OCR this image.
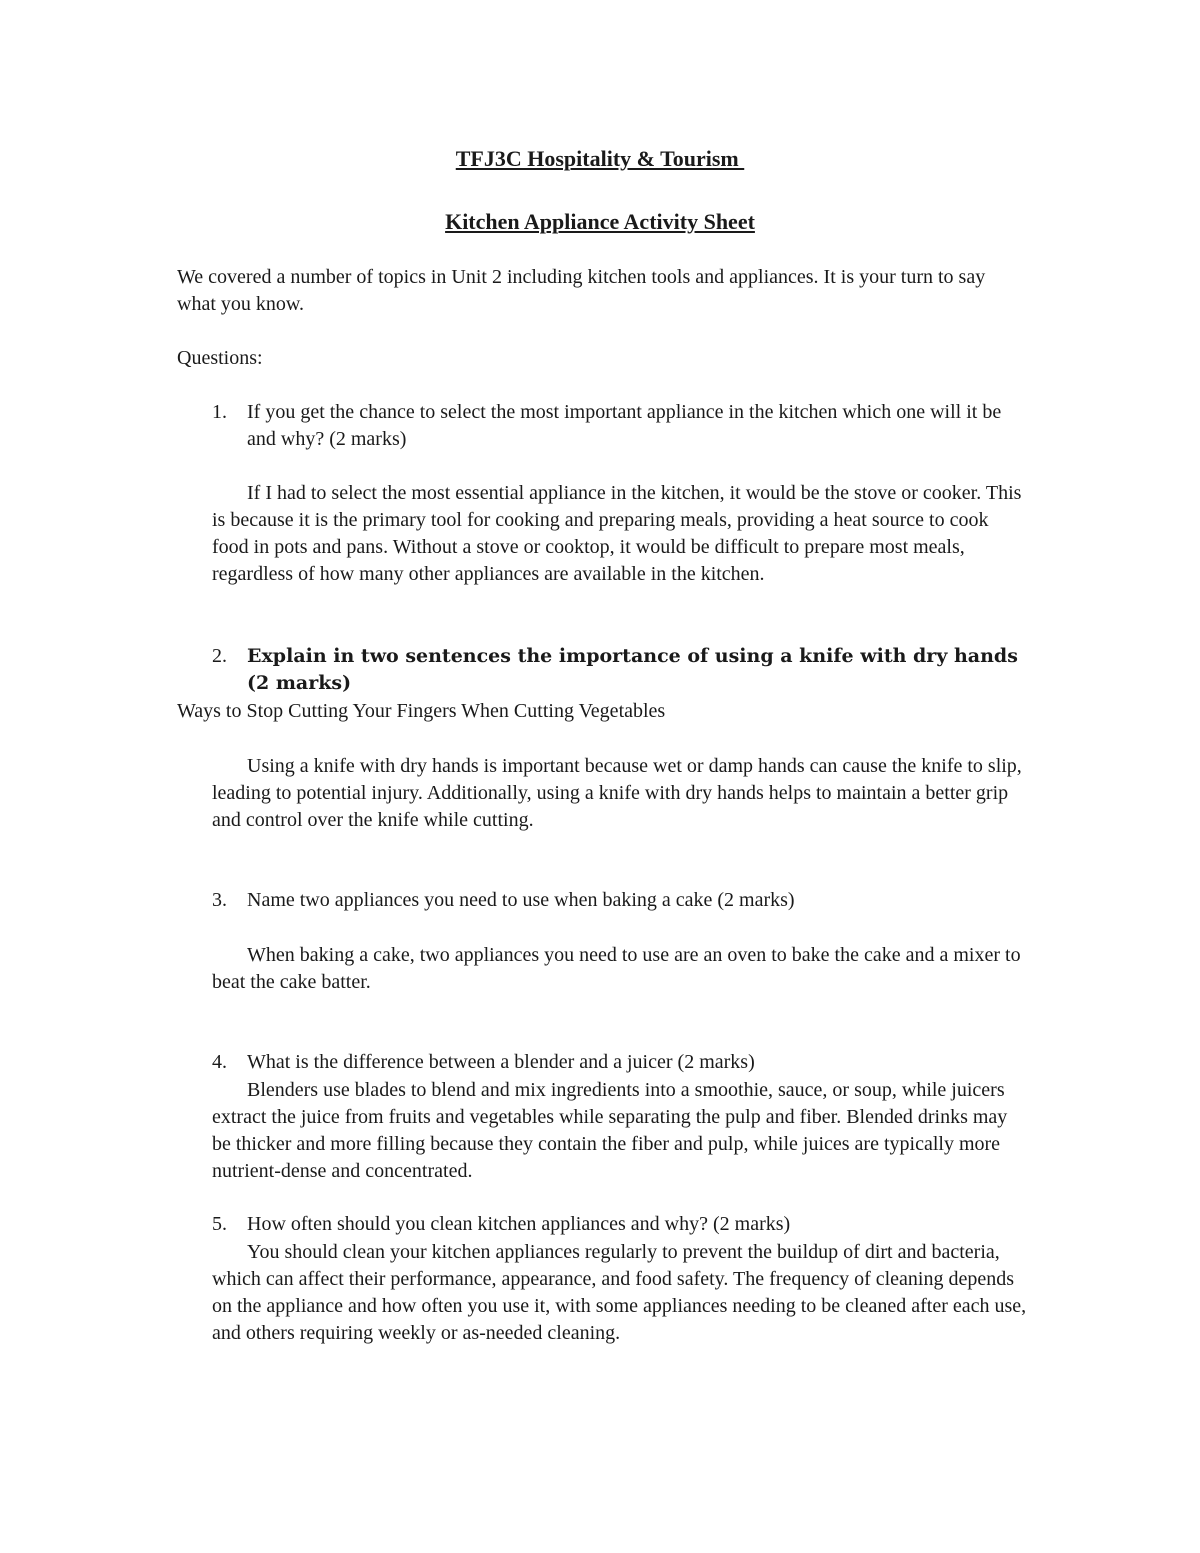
TFJ3C Hospitality & Tourism
Kitchen Appliance Activity Sheet
We covered a number of topics in Unit 2 including kitchen tools and appliances. It is your turn to say what you know.
Questions:
1. If you get the chance to select the most important appliance in the kitchen which one will it be and why? (2 marks)
If I had to select the most essential appliance in the kitchen, it would be the stove or cooker. This is because it is the primary tool for cooking and preparing meals, providing a heat source to cook food in pots and pans. Without a stove or cooktop, it would be difficult to prepare most meals, regardless of how many other appliances are available in the kitchen.
2. Explain in two sentences the importance of using a knife with dry hands (2 marks)
Ways to Stop Cutting Your Fingers When Cutting Vegetables
Using a knife with dry hands is important because wet or damp hands can cause the knife to slip, leading to potential injury. Additionally, using a knife with dry hands helps to maintain a better grip and control over the knife while cutting.
3. Name two appliances you need to use when baking a cake (2 marks)
When baking a cake, two appliances you need to use are an oven to bake the cake and a mixer to beat the cake batter.
4. What is the difference between a blender and a juicer (2 marks)
Blenders use blades to blend and mix ingredients into a smoothie, sauce, or soup, while juicers extract the juice from fruits and vegetables while separating the pulp and fiber. Blended drinks may be thicker and more filling because they contain the fiber and pulp, while juices are typically more nutrient-dense and concentrated.
5. How often should you clean kitchen appliances and why? (2 marks)
You should clean your kitchen appliances regularly to prevent the buildup of dirt and bacteria, which can affect their performance, appearance, and food safety. The frequency of cleaning depends on the appliance and how often you use it, with some appliances needing to be cleaned after each use, and others requiring weekly or as-needed cleaning.
